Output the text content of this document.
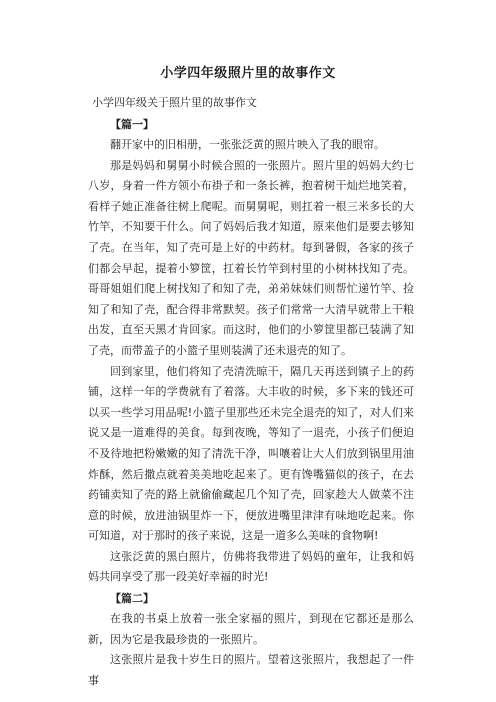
小学四年级照片里的故事作文
小学四年级关于照片里的故事作文
【篇一】

翻开家中的旧相册，一张张泛黄的照片映入了我的眼帘。

那是妈妈和舅舅小时候合照的一张照片。照片里的妈妈大约七八岁，身着一件方领小布褂子和一条长裤，抱着树干灿烂地笑着，看样子她正准备往树上爬呢。而舅舅呢，则扛着一根三米多长的大竹竿，不知要干什么。问了妈妈后我才知道，原来他们是要去够知了壳。在当年，知了壳可是上好的中药材。每到暑假，各家的孩子们都会早起，提着小箩筐，扛着长竹竿到村里的小树林找知了壳。哥哥姐姐们爬上树找知了和知了壳，弟弟妹妹们则帮忙递竹竿、捡知了和知了壳，配合得非常默契。孩子们常常一大清早就带上干粮出发，直至天黑才肯回家。而这时，他们的小箩筐里都已装满了知了壳，而带盖子的小篮子里则装满了还未退壳的知了。

回到家里，他们将知了壳清洗晾干，隔几天再送到镇子上的药铺，这样一年的学费就有了着落。大丰收的时候，多下来的钱还可以买一些学习用品呢!小篮子里那些还未完全退壳的知了，对人们来说又是一道难得的美食。每到夜晚，等知了一退壳，小孩子们便迫不及待地把粉嫩嫩的知了清洗干净，叫嚷着让大人们放到锅里用油炸酥，然后撒点就着美美地吃起来了。更有馋嘴猫似的孩子，在去药铺卖知了壳的路上就偷偷藏起几个知了壳，回家趁大人做菜不注意的时候，放进油锅里炸一下，便放进嘴里津津有味地吃起来。你可知道，对于那时的孩子来说，这是一道多么美味的食物啊!

这张泛黄的黑白照片，仿佛将我带进了妈妈的童年，让我和妈妈共同享受了那一段美好幸福的时光!

【篇二】

在我的书桌上放着一张全家福的照片，到现在它都还是那么新，因为它是我最珍贵的一张照片。

这张照片是我十岁生日的照片。望着这张照片，我想起了一件事
